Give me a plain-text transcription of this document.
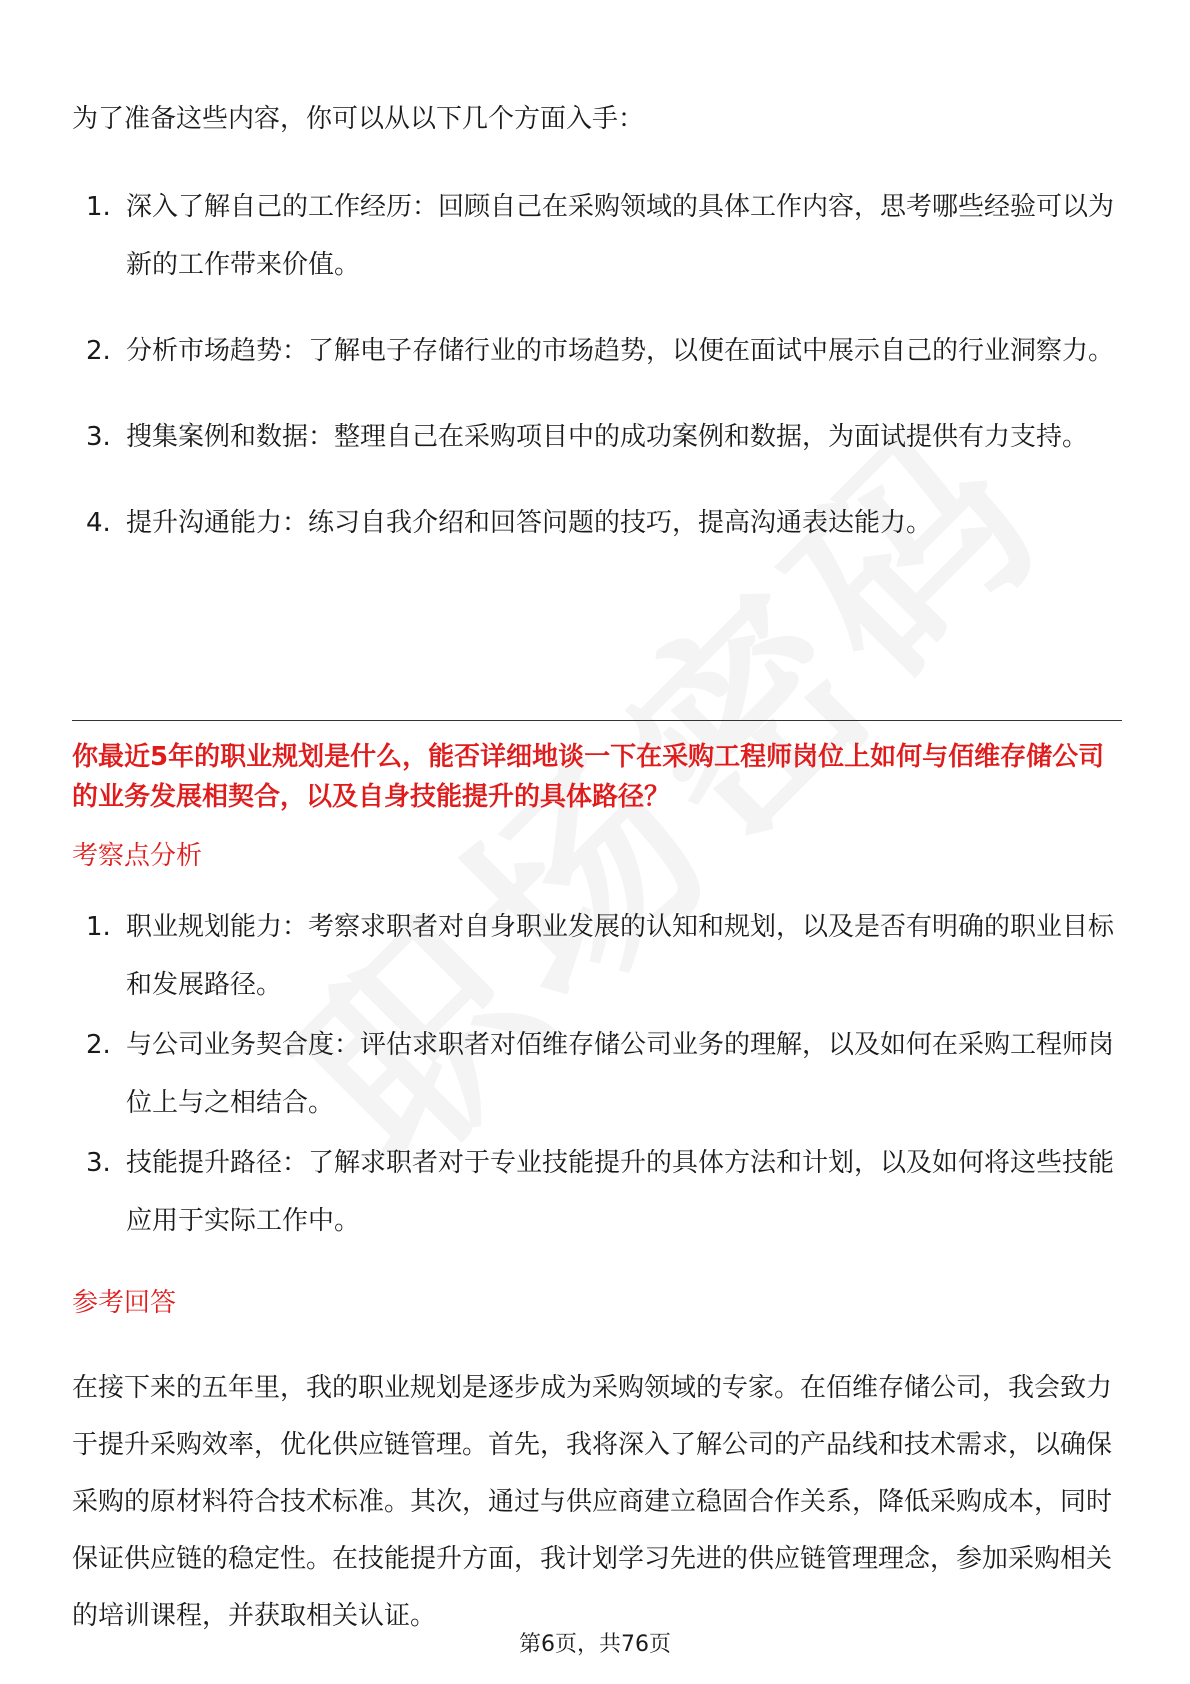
为了准备这些内容，你可以从以下几个方面入手：

1. 深入了解自己的工作经历：回顾自己在采购领域的具体工作内容，思考哪些经验可以为新的工作带来价值。
2. 分析市场趋势：了解电子存储行业的市场趋势，以便在面试中展示自己的行业洞察力。
3. 搜集案例和数据：整理自己在采购项目中的成功案例和数据，为面试提供有力支持。
4. 提升沟通能力：练习自我介绍和回答问题的技巧，提高沟通表达能力。
你最近5年的职业规划是什么，能否详细地谈一下在采购工程师岗位上如何与佰维存储公司的业务发展相契合，以及自身技能提升的具体路径？
考察点分析
1. 职业规划能力：考察求职者对自身职业发展的认知和规划，以及是否有明确的职业目标和发展路径。
2. 与公司业务契合度：评估求职者对佰维存储公司业务的理解，以及如何在采购工程师岗位上与之相结合。
3. 技能提升路径：了解求职者对于专业技能提升的具体方法和计划，以及如何将这些技能应用于实际工作中。
参考回答

在接下来的五年里，我的职业规划是逐步成为采购领域的专家。在佰维存储公司，我会致力于提升采购效率，优化供应链管理。首先，我将深入了解公司的产品线和技术需求，以确保采购的原材料符合技术标准。其次，通过与供应商建立稳固合作关系，降低采购成本，同时保证供应链的稳定性。在技能提升方面，我计划学习先进的供应链管理理念，参加采购相关的培训课程，并获取相关认证。

第6页，共76页
